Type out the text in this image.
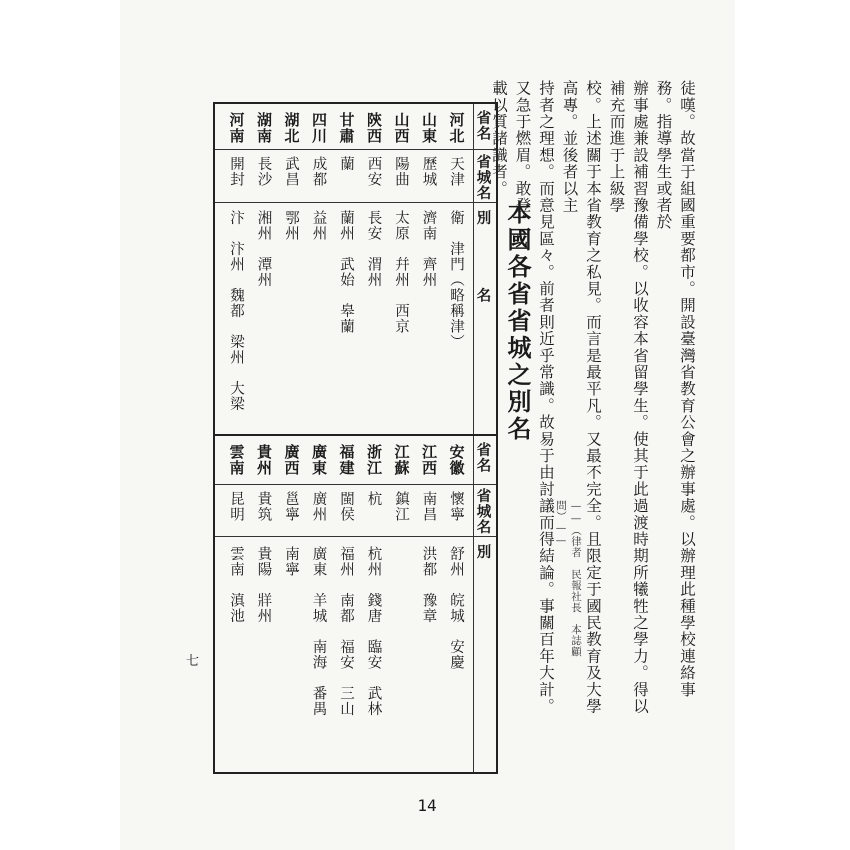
徒嘆。故當于組國重要都市。開設臺灣省教育公會之辦事處。以辦理此種學校連絡事務。指導學生或者於
辦事處兼設補習豫備學校。以收容本省留學生。使其于此過渡時期所犧牲之學力。得以補充而進于上級學
校。上述關于本省教育之私見。而言是最平凡。又最不完全。且限定于國民教育及大學高專。並後者以主
持者之理想。而意見區々。前者則近乎常識。故易于由討議而得結論。事關百年大計。又急于燃眉。敢登
載以質諸識者。
——（律者　民報社長　本誌顧問）——
本國各省省城之別名
省名
省城名
別　　　　名
河北
天津
衛　津門（略稱津）
山東
歷城
濟南　齊州
山西
陽曲
太原　幷州　西京
陝西
西安
長安　渭州
甘肅
蘭
蘭州　武始　皋蘭
四川
成都
益州
湖北
武昌
鄂州
湖南
長沙
湘州　潭州
河南
開封
汴　汴州　魏都　梁州　大梁
省名
省城名
別
安徽
懷寧
舒州　皖城　安慶
江西
南昌
洪都　豫章
江蘇
鎮江
浙江
杭
杭州　錢唐　臨安　武林
福建
閩侯
福州　南都　福安　三山
廣東
廣州
廣東　羊城　南海　番禺
廣西
邕寧
南寧
貴州
貴筑
貴陽　牂州
雲南
昆明
雲南　滇池
七
14
